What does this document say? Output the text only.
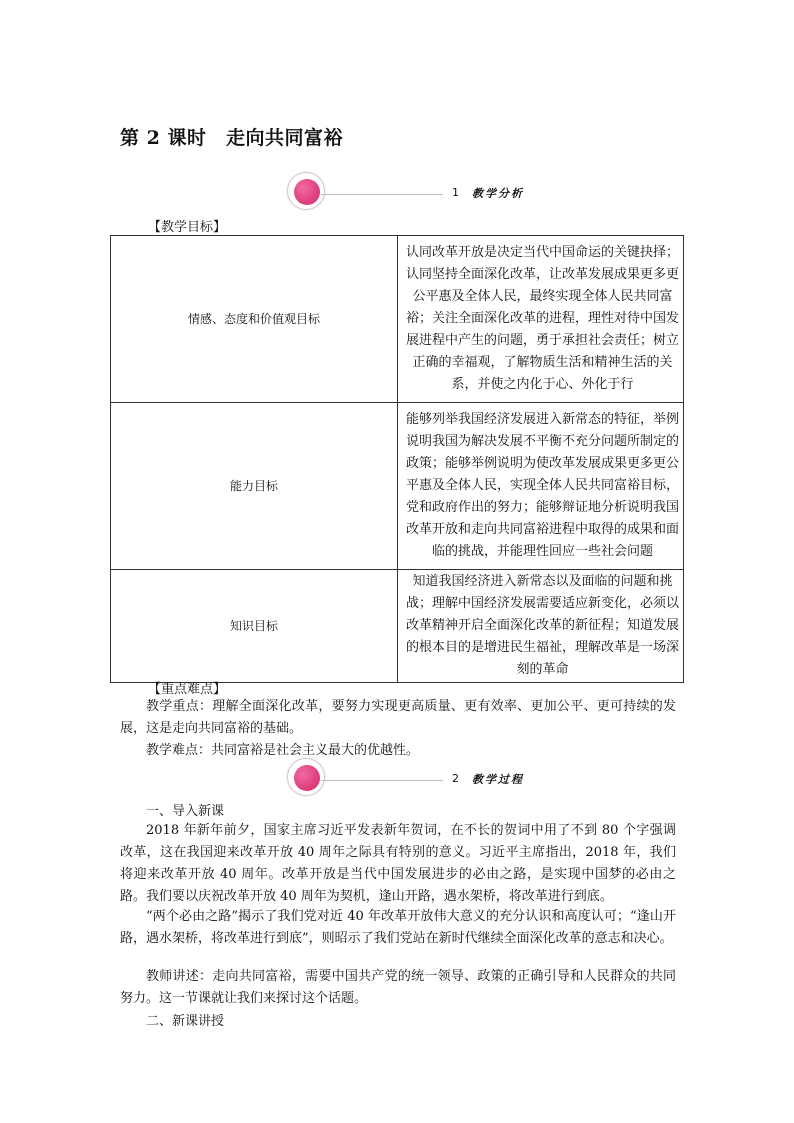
第 2 课时　走向共同富裕
1 教学分析
【教学目标】
情感、态度和价值观目标	认同改革开放是决定当代中国命运的关键抉择；认同坚持全面深化改革，让改革发展成果更多更公平惠及全体人民，最终实现全体人民共同富裕；关注全面深化改革的进程，理性对待中国发展进程中产生的问题，勇于承担社会责任；树立正确的幸福观，了解物质生活和精神生活的关系，并使之内化于心、外化于行
能力目标	能够列举我国经济发展进入新常态的特征，举例说明我国为解决发展不平衡不充分问题所制定的政策；能够举例说明为使改革发展成果更多更公平惠及全体人民，实现全体人民共同富裕目标，党和政府作出的努力；能够辩证地分析说明我国改革开放和走向共同富裕进程中取得的成果和面临的挑战，并能理性回应一些社会问题
知识目标	知道我国经济进入新常态以及面临的问题和挑战；理解中国经济发展需要适应新变化，必须以改革精神开启全面深化改革的新征程；知道发展的根本目的是增进民生福祉，理解改革是一场深刻的革命
【重点难点】
教学重点：理解全面深化改革，要努力实现更高质量、更有效率、更加公平、更可持续的发展，这是走向共同富裕的基础。
教学难点：共同富裕是社会主义最大的优越性。
2 教学过程
一、导入新课
2018 年新年前夕，国家主席习近平发表新年贺词，在不长的贺词中用了不到 80 个字强调改革，这在我国迎来改革开放 40 周年之际具有特别的意义。习近平主席指出，2018 年，我们将迎来改革开放 40 周年。改革开放是当代中国发展进步的必由之路，是实现中国梦的必由之路。我们要以庆祝改革开放 40 周年为契机，逢山开路，遇水架桥，将改革进行到底。
“两个必由之路”揭示了我们党对近 40 年改革开放伟大意义的充分认识和高度认可；“逢山开路，遇水架桥，将改革进行到底”，则昭示了我们党站在新时代继续全面深化改革的意志和决心。
教师讲述：走向共同富裕，需要中国共产党的统一领导、政策的正确引导和人民群众的共同努力。这一节课就让我们来探讨这个话题。
二、新课讲授
